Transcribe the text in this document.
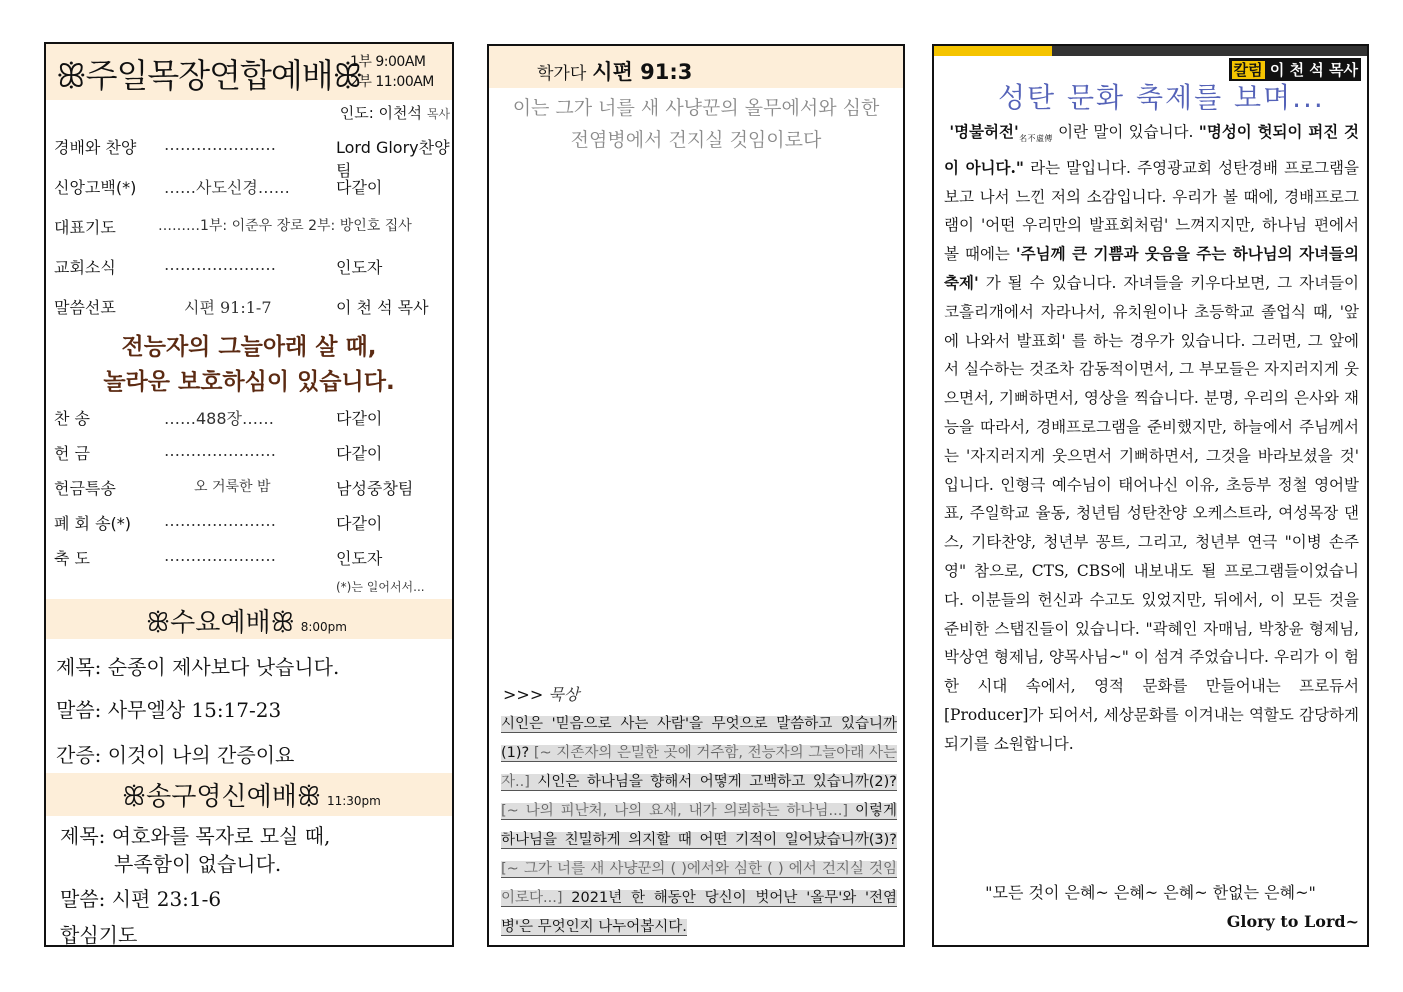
ꕥ주일목장연합예배ꕥ
1부 9:00AM
2부 11:00AM
인도: 이천석 목사
경배와 찬양 …………………	Lord Glory찬양팀
신앙고백(*) ……사도신경……	다같이
대표기도	………1부: 이준우 장로 2부: 방인호 집사
교회소식	…………………	인도자
말씀선포	시편 91:1-7	이 천 석 목사
전능자의 그늘아래 살 때,
놀라운 보호하심이 있습니다.
찬 송	……488장……	다같이
헌 금	…………………	다같이
헌금특송	오 거룩한 밤	남성중창팀
폐 회 송(*) …………………	다같이
축 도	…………………	인도자
(*)는 일어서서...
ꕥ수요예배ꕥ 8:00pm
제목: 순종이 제사보다 낫습니다.
말씀: 사무엘상 15:17-23
간증: 이것이 나의 간증이요
ꕥ송구영신예배ꕥ 11:30pm
제목: 여호와를 목자로 모실 때,
부족함이 없습니다.
말씀: 시편 23:1-6
합심기도
학가다 시편 91:3
이는 그가 너를 새 사냥꾼의 올무에서와 심한
전염병에서 건지실 것임이로다
>>> 묵상
시인은 '믿음으로 사는 사람'을 무엇으로 말씀하고 있습니까(1)? [~ 지존자의 은밀한 곳에 거주함, 전능자의 그늘아래 사는 자..] 시인은 하나님을 향해서 어떻게 고백하고 있습니까(2)? [~ 나의 피난처, 나의 요새, 내가 의뢰하는 하나님...] 이렇게 하나님을 친밀하게 의지할 때 어떤 기적이 일어났습니까(3)? [~ 그가 너를 새 사냥꾼의 ( )에서와 심한 ( ) 에서 건지실 것임이로다...] 2021년 한 해동안 당신이 벗어난 '올무'와 '전염병'은 무엇인지 나누어봅시다.
칼럼 이 천 석 목사
성탄 문화 축제를 보며...
'명불허전'$_{名不虛傳}$ 이란 말이 있습니다. "명성이 헛되이 퍼진 것이 아니다." 라는 말입니다. 주영광교회 성탄경배 프로그램을 보고 나서 느낀 저의 소감입니다. 우리가 볼 때에, 경배프로그램이 '어떤 우리만의 발표회처럼' 느껴지지만, 하나님 편에서 볼 때에는 '주님께 큰 기쁨과 웃음을 주는 하나님의 자녀들의 축제' 가 될 수 있습니다. 자녀들을 키우다보면, 그 자녀들이 코흘리개에서 자라나서, 유치원이나 초등학교 졸업식 때, '앞에 나와서 발표회' 를 하는 경우가 있습니다. 그러면, 그 앞에서 실수하는 것조차 감동적이면서, 그 부모들은 자지러지게 웃으면서, 기뻐하면서, 영상을 찍습니다. 분명, 우리의 은사와 재능을 따라서, 경배프로그램을 준비했지만, 하늘에서 주님께서는 '자지러지게 웃으면서 기뻐하면서, 그것을 바라보셨을 것' 입니다. 인형극 예수님이 태어나신 이유, 초등부 정철 영어발표, 주일학교 율동, 청년팀 성탄찬양 오케스트라, 여성목장 댄스, 기타찬양, 청년부 꽁트, 그리고, 청년부 연극 "이병 손주영" 참으로, CTS, CBS에 내보내도 될 프로그램들이었습니다. 이분들의 헌신과 수고도 있었지만, 뒤에서, 이 모든 것을 준비한 스탭진들이 있습니다. "곽혜인 자매님, 박창윤 형제님, 박상연 형제님, 양목사님~" 이 섬겨 주었습니다. 우리가 이 험한 시대 속에서, 영적 문화를 만들어내는 프로듀서[Producer]가 되어서, 세상문화를 이겨내는 역할도 감당하게 되기를 소원합니다.
"모든 것이 은혜~ 은혜~ 은혜~ 한없는 은혜~"
Glory to Lord~
